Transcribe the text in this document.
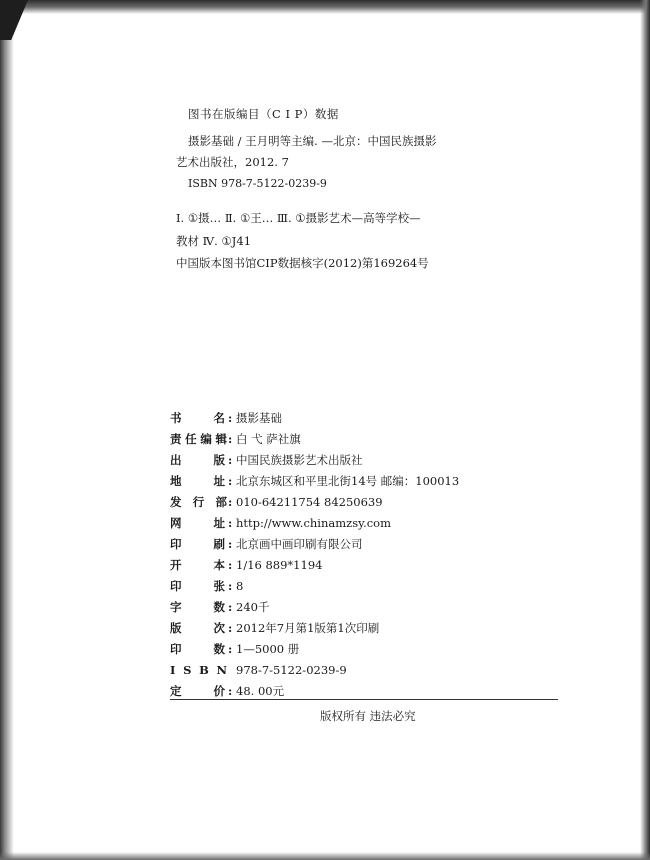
图书在版编目（C I P）数据
摄影基础 / 王月明等主编. —北京：中国民族摄影
艺术出版社，2012. 7
ISBN 978-7-5122-0239-9
Ⅰ. ①摄… Ⅱ. ①王… Ⅲ. ①摄影艺术—高等学校—
教材 Ⅳ. ①J41
中国版本图书馆CIP数据核字(2012)第169264号
书 名: 摄影基础
责任编辑: 白 弋 萨社旗
出 版: 中国民族摄影艺术出版社
地 址: 北京东城区和平里北街14号 邮编：100013
发 行 部: 010-64211754 84250639
网 址: http://www.chinamzsy.com
印 刷: 北京画中画印刷有限公司
开 本: 1/16 889*1194
印 张: 8
字 数: 240千
版 次: 2012年7月第1版第1次印刷
印 数: 1—5000 册
I S B N 978-7-5122-0239-9
定 价: 48. 00元
版权所有 违法必究
